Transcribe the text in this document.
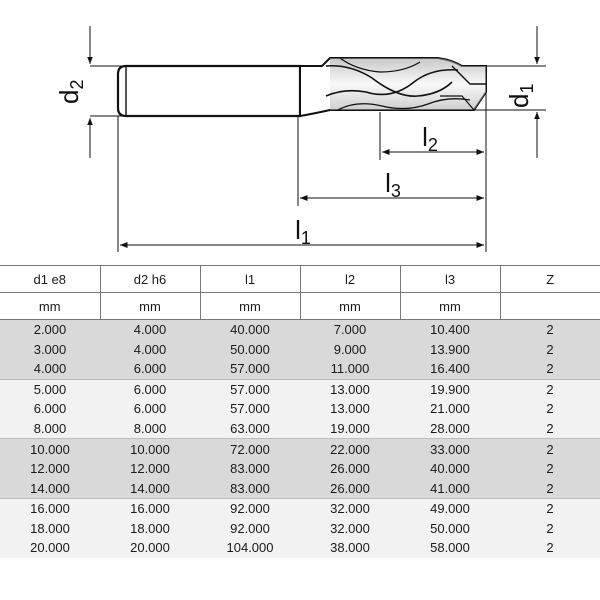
d2
d1
l2
l3
l1
d1 e8	d2 h6	l1	l2	l3	Z
mm	mm	mm	mm	mm	
2.000	4.000	40.000	7.000	10.400	2
3.000	4.000	50.000	9.000	13.900	2
4.000	6.000	57.000	11.000	16.400	2
5.000	6.000	57.000	13.000	19.900	2
6.000	6.000	57.000	13.000	21.000	2
8.000	8.000	63.000	19.000	28.000	2
10.000	10.000	72.000	22.000	33.000	2
12.000	12.000	83.000	26.000	40.000	2
14.000	14.000	83.000	26.000	41.000	2
16.000	16.000	92.000	32.000	49.000	2
18.000	18.000	92.000	32.000	50.000	2
20.000	20.000	104.000	38.000	58.000	2
